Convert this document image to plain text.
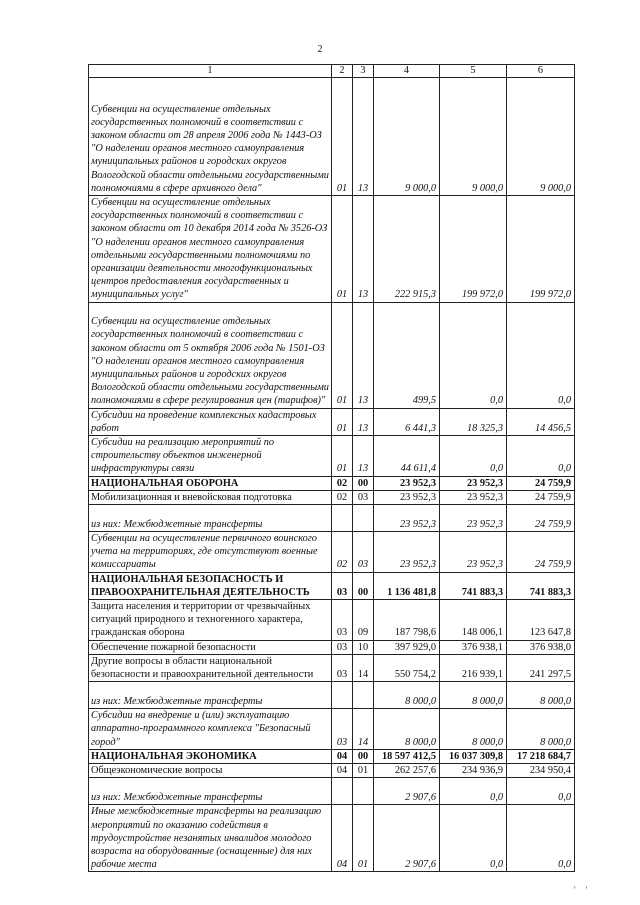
2
1	2	3	4	5	6
Субвенции на осуществление отдельных государственных полномочий в соответствии с законом области от 28 апреля 2006 года № 1443-ОЗ "О наделении органов местного самоуправления муниципальных районов и городских округов Вологодской области отдельными государственными полномочиями в сфере архивного дела"	01	13	9 000,0	9 000,0	9 000,0
Субвенции на осуществление отдельных государственных полномочий в соответствии с законом области от 10 декабря 2014 года № 3526-ОЗ "О наделении органов местного самоуправления отдельными государственными полномочиями по организации деятельности многофункциональных центров предоставления государственных и муниципальных услуг"	01	13	222 915,3	199 972,0	199 972,0
Субвенции на осуществление отдельных государственных полномочий в соответствии с законом области от 5 октября 2006 года № 1501-ОЗ "О наделении органов местного самоуправления муниципальных районов и городских округов Вологодской области отдельными государственными полномочиями в сфере регулирования цен (тарифов)"	01	13	499,5	0,0	0,0
Субсидии на проведение комплексных кадастровых работ	01	13	6 441,3	18 325,3	14 456,5
Субсидии на реализацию мероприятий по строительству объектов инженерной инфраструктуры связи	01	13	44 611,4	0,0	0,0
НАЦИОНАЛЬНАЯ ОБОРОНА	02	00	23 952,3	23 952,3	24 759,9
Мобилизационная и вневойсковая подготовка	02	03	23 952,3	23 952,3	24 759,9
из них: Межбюджетные трансферты			23 952,3	23 952,3	24 759,9
Субвенции на осуществление первичного воинского учета на территориях, где отсутствуют военные комиссариаты	02	03	23 952,3	23 952,3	24 759,9
НАЦИОНАЛЬНАЯ БЕЗОПАСНОСТЬ И ПРАВООХРАНИТЕЛЬНАЯ ДЕЯТЕЛЬНОСТЬ	03	00	1 136 481,8	741 883,3	741 883,3
Защита населения и территории от чрезвычайных ситуаций природного и техногенного характера, гражданская оборона	03	09	187 798,6	148 006,1	123 647,8
Обеспечение пожарной безопасности	03	10	397 929,0	376 938,1	376 938,0
Другие вопросы в области национальной безопасности и правоохранительной деятельности	03	14	550 754,2	216 939,1	241 297,5
из них: Межбюджетные трансферты			8 000,0	8 000,0	8 000,0
Субсидии на внедрение и (или) эксплуатацию аппаратно-программного комплекса "Безопасный город"	03	14	8 000,0	8 000,0	8 000,0
НАЦИОНАЛЬНАЯ ЭКОНОМИКА	04	00	18 597 412,5	16 037 309,8	17 218 684,7
Общеэкономические вопросы	04	01	262 257,6	234 936,9	234 950,4
из них: Межбюджетные трансферты			2 907,6	0,0	0,0
Иные межбюджетные трансферты на реализацию мероприятий по оказанию содействия в трудоустройстве незанятых инвалидов молодого возраста на оборудованные (оснащенные) для них рабочие места	04	01	2 907,6	0,0	0,0
' '
